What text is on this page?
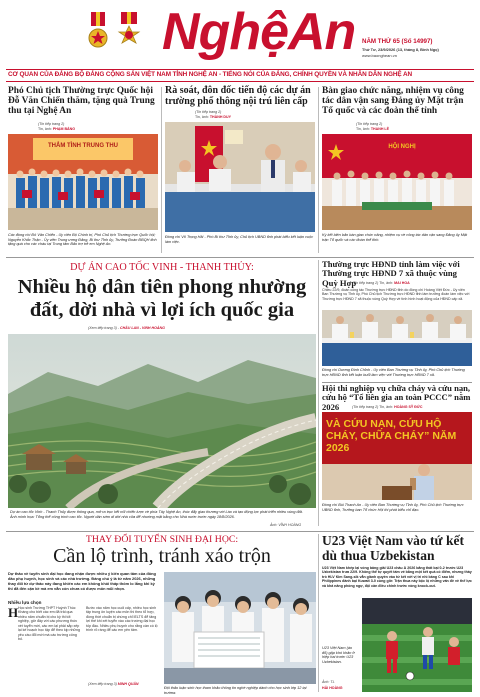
NghệAn NĂM THỨ 65 (Số 14997)
Thứ Tư, 23/9/2026 (13, tháng 8, Bính Ngọ)
www.baonghean.vn
CƠ QUAN CỦA ĐẢNG BỘ ĐẢNG CỘNG SẢN VIỆT NAM TỈNH NGHỆ AN - TIẾNG NÓI CỦA ĐẢNG, CHÍNH QUYỀN VÀ NHÂN DÂN NGHỆ AN
Phó Chủ tịch Thường trực Quốc hội Đỗ Văn Chiến thăm, tặng quà Trung thu tại Nghệ An
(Tin tiếp trang 2)
Tin, ảnh: PHẠM BẰNG
THẮM TÌNH TRUNG THU
Các đồng chí Đỗ Văn Chiến - Ủy viên Bộ Chính trị, Phó Chủ tịch Thường trực Quốc hội; Nguyễn Khắc Thận - Ủy viên Trung ương Đảng, Bí thư Tỉnh ủy, Trưởng Đoàn ĐBQH tỉnh tặng quà cho các cháu tại Trung tâm Bảo trợ trẻ em Nghệ An.
Rà soát, đôn đốc tiến độ các dự án trường phổ thông nội trú liên cấp
(Tin tiếp trang 2)
Tin, ảnh: THÀNH DUY
Đồng chí Võ Trọng Hải - Phó Bí thư Tỉnh ủy, Chủ tịch UBND tỉnh phát biểu kết luận cuộc làm việc.
Bàn giao chức năng, nhiệm vụ công tác dân vận sang Đảng ủy Mặt trận Tổ quốc và các đoàn thể tỉnh
(Tin tiếp trang 2)
Tin, ảnh: THANH LÊ
HỘI NGHỊ
Ký kết biên bản bàn giao chức năng, nhiệm vụ về công tác dân vận sang Đảng ủy Mặt trận Tổ quốc và các đoàn thể tỉnh.
DỰ ÁN CAO TỐC VINH - THANH THỦY:
Nhiều hộ dân tiên phong nhường đất, dời nhà vì lợi ích quốc gia
(Xem tiếp trang 3) - CHÂU LAN - VINH HOÀNG
Dự án cao tốc Vinh - Thanh Thủy được thông qua, mở ra trục kết nối chiến lược về phía Tây Nghệ An, thúc đẩy giao thương với Lào và tạo động lực phát triển nhiều vùng đất. Ảnh minh họa: Tổng thể công trình cao tốc. Người dân sớm di dời nhà cửa để nhường mặt bằng cho Nhà nước trước ngày 18/8/2026.
Ảnh: VĨNH HOÀNG
Thường trực HĐND tỉnh làm việc với Thường trực HĐND 7 xã thuộc vùng Quỳ Hợp
(Tin tiếp trang 2) Tin, ảnh: MAI HOA
Chiều 22/9, đoàn công tác Thường trực HĐND tỉnh do đồng chí Hoàng Việt Đức - Ủy viên Ban Thường vụ Tỉnh ủy, Phó Chủ tịch Thường trực HĐND tỉnh làm trưởng đoàn làm việc với Thường trực HĐND 7 xã thuộc vùng Quỳ Hợp về tình hình hoạt động của HĐND cấp xã.
Đồng chí Dương Đình Chỉnh - Ủy viên Ban Thường vụ Tỉnh ủy, Phó Chủ tịch Thường trực HĐND tỉnh kết luận buổi làm việc với Thường trực HĐND 7 xã.
Hội thi nghiệp vụ chữa cháy và cứu nạn, cứu hộ “Tổ liên gia an toàn PCCC” năm 2026	(Tin tiếp trang 2) Tin, ảnh: HOÀNG SỸ ĐỨC
VÀ CỨU NẠN, CỨU HỘ CHÁY, CHỮA CHÁY” NĂM 2026
Đồng chí Bùi Thanh An - Ủy viên Ban Thường vụ Tỉnh ủy, Phó Chủ tịch Thường trực UBND tỉnh, Trưởng ban Tổ chức Hội thi phát biểu chỉ đạo.
THAY ĐỔI TUYỂN SINH ĐẠI HỌC:
Cần lộ trình, tránh xáo trộn
Dự thảo về tuyển sinh đại học đang nhận được nhiều ý kiến quan tâm của đông đảo phụ huynh, học sinh và các nhà trường. Đáng chú ý là từ năm 2026, những thay đổi từ dự thảo này đang khiến các em không khỏi thấp thỏm lo lắng khi kỳ thi đã đến cận kề mà em vẫn còn chưa có được môn mũi nhọn.
Nhiều lựa chọn
H Học sinh Trường THPT Huỳnh Thúc Kháng cho biết các em đã trải qua nhiều năm chuẩn bị cho kỳ thi tốt nghiệp, giờ đây với các phương thức xét tuyển mới, các em lại phải sắp xếp lại kế hoạch học tập để theo kịp những yêu cầu đổi mới mà các trường công bố.
Bước vào năm học cuối cấp, nhiều học sinh tập trung ôn luyện các môn thi theo tổ hợp, đồng thời chuẩn bị chứng chỉ IELTS để tăng lợi thế khi xét tuyển vào các trường đại học tốp đầu. Nhiều phụ huynh cho rằng cần có lộ trình rõ ràng để các em yên tâm.
(Xem tiếp trang 3) MINH QUÂN
Đội thảo luận sinh học tham khảo thông tin nghề nghiệp dành cho học sinh lớp 12 tại trường.
U23 Việt Nam vào tứ kết dù thua Uzbekistan
U23 Việt Nam khép lại vòng bảng giải U23 châu Á 2026 bằng thất bại 0-2 trước U23 Uzbekistan trưa 22/9. Không thể tự quyết tấm vé bằng một kết quả có điểm, nhưng thầy trò HLV Kim Sang-sik vẫn giành quyền vào tứ kết với vị trí nhì bảng C sau khi Philippines đánh bại Kuwait 3-0 cùng giờ. Trận thua này bộc lộ những vấn đề về thể lực và khả năng phòng ngự, đội cần điều chỉnh trước vòng knock-out.
U23 Việt Nam (áo đỏ) gặp khó khăn ở hiệp hai trước U23 Uzbekistan.
Ảnh: TL
HẢI HOÀNG
